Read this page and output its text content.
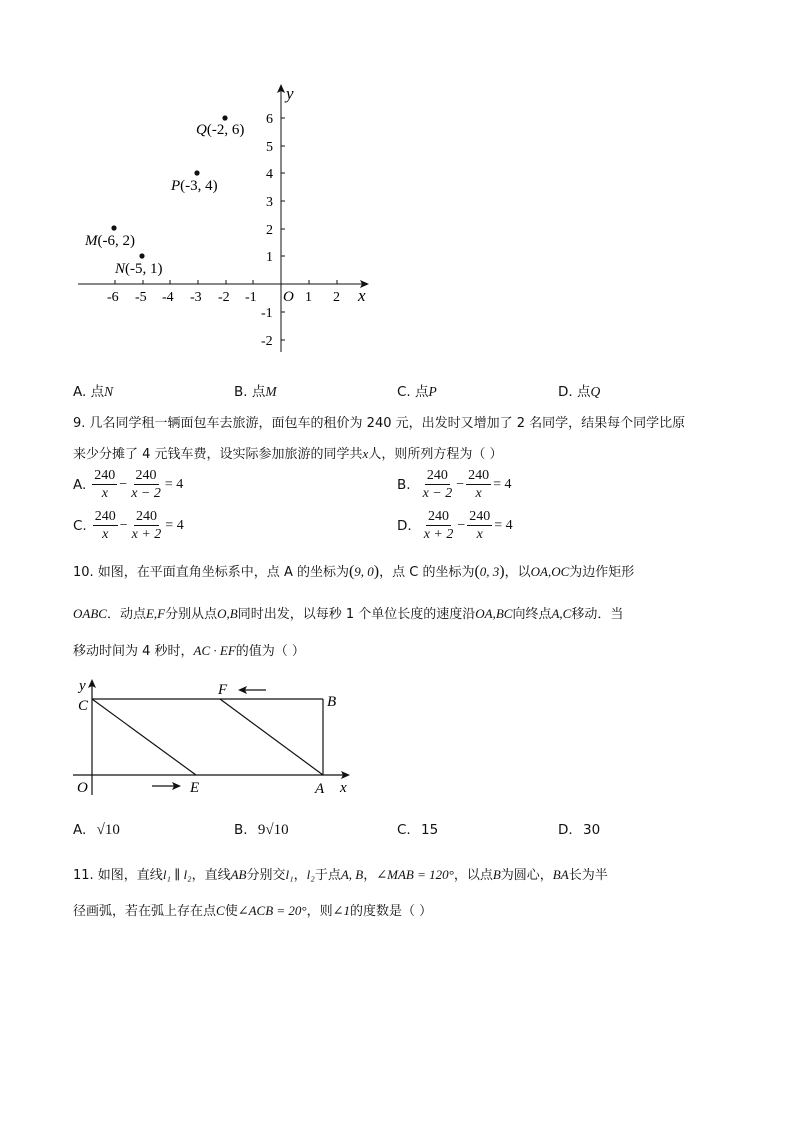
x
y
O
-6 -5 -4 -3 -2 -1	1 2
6
5
4
3
2
1
-1
-2
Q(-2, 6)
P(-3, 4)
M(-6, 2)
N(-5, 1)
A. 点N	B. 点M	C. 点P	D. 点Q
9. 几名同学租一辆面包车去旅游，面包车的租价为 240 元，出发时又增加了 2 名同学，结果每个同学比原
来少分摊了 4 元钱车费，设实际参加旅游的同学共x人，则所列方程为（ ）
A. $\frac{240}{x} - \frac{240}{x - 2} = 4$	B. $\frac{240}{x - 2} - \frac{240}{x} = 4$
C. $\frac{240}{x} - \frac{240}{x + 2} = 4$	D. $\frac{240}{x + 2} - \frac{240}{x} = 4$
10. 如图，在平面直角坐标系中，点 A 的坐标为(9, 0)，点 C 的坐标为(0, 3)，以OA,OC为边作矩形
OABC．动点E,F分别从点O,B同时出发，以每秒 1 个单位长度的速度沿OA,BC向终点A,C移动．当
移动时间为 4 秒时，AC · EF的值为（ ）
y
C
F
B
O	E	A x
A. √10	B. 9√10	C. 15	D. 30
11. 如图，直线l₁ ∥ l₂，直线AB分别交l₁，l₂于点A, B，∠MAB = 120°，以点B为圆心，BA长为半
径画弧，若在弧上存在点C使∠ACB = 20°，则∠1的度数是（ ）
